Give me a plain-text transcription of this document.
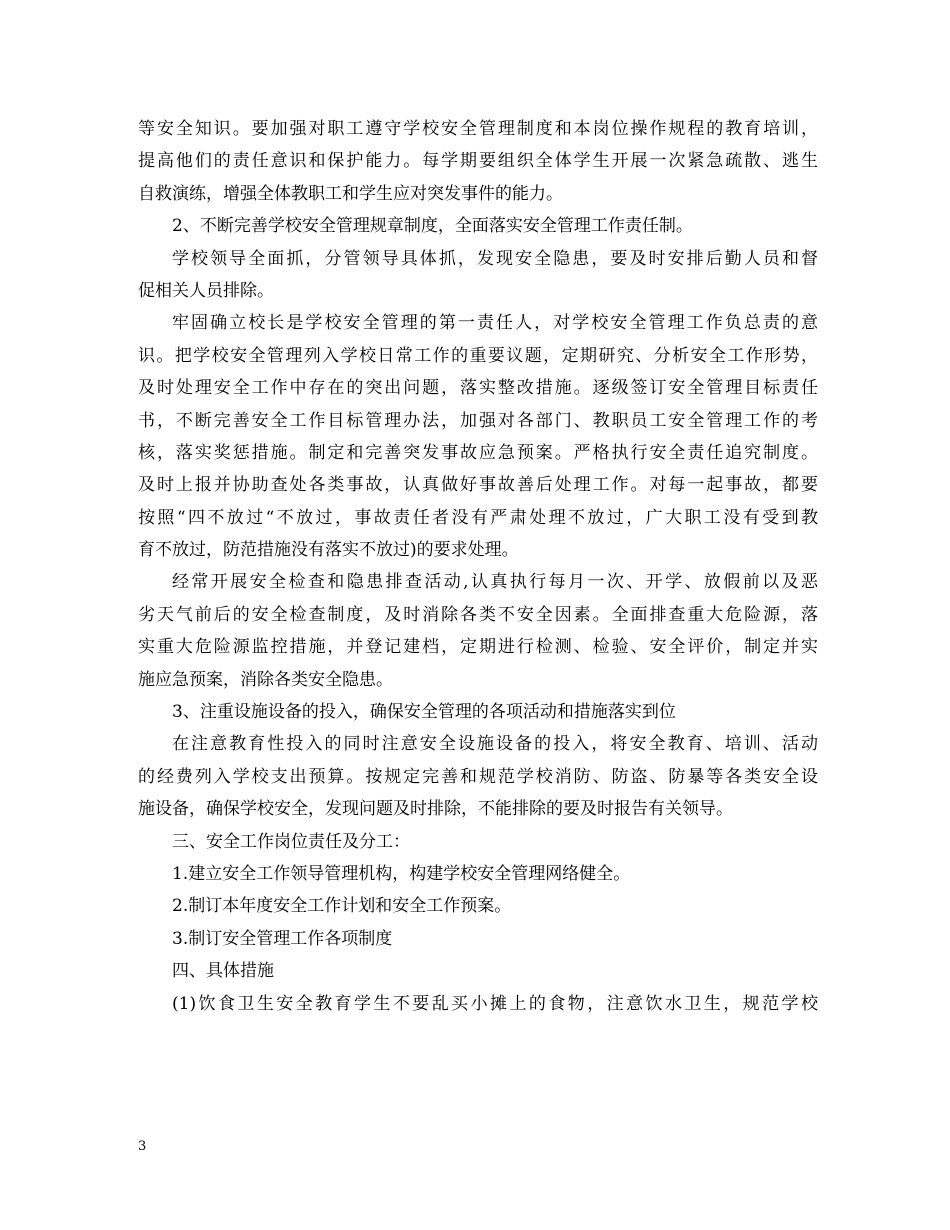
等安全知识。要加强对职工遵守学校安全管理制度和本岗位操作规程的教育培训，
提高他们的责任意识和保护能力。每学期要组织全体学生开展一次紧急疏散、逃生
自救演练，增强全体教职工和学生应对突发事件的能力。
2、不断完善学校安全管理规章制度，全面落实安全管理工作责任制。
学校领导全面抓，分管领导具体抓，发现安全隐患，要及时安排后勤人员和督
促相关人员排除。
牢固确立校长是学校安全管理的第一责任人，对学校安全管理工作负总责的意
识。把学校安全管理列入学校日常工作的重要议题，定期研究、分析安全工作形势，
及时处理安全工作中存在的突出问题，落实整改措施。逐级签订安全管理目标责任
书，不断完善安全工作目标管理办法，加强对各部门、教职员工安全管理工作的考
核，落实奖惩措施。制定和完善突发事故应急预案。严格执行安全责任追究制度。
及时上报并协助查处各类事故，认真做好事故善后处理工作。对每一起事故，都要
按照“四不放过“不放过，事故责任者没有严肃处理不放过，广大职工没有受到教
育不放过，防范措施没有落实不放过)的要求处理。
经常开展安全检查和隐患排查活动,认真执行每月一次、开学、放假前以及恶
劣天气前后的安全检查制度，及时消除各类不安全因素。全面排查重大危险源，落
实重大危险源监控措施，并登记建档，定期进行检测、检验、安全评价，制定并实
施应急预案，消除各类安全隐患。
3、注重设施设备的投入，确保安全管理的各项活动和措施落实到位
在注意教育性投入的同时注意安全设施设备的投入，将安全教育、培训、活动
的经费列入学校支出预算。按规定完善和规范学校消防、防盗、防暴等各类安全设
施设备，确保学校安全，发现问题及时排除，不能排除的要及时报告有关领导。
三、安全工作岗位责任及分工：
1.建立安全工作领导管理机构，构建学校安全管理网络健全。
2.制订本年度安全工作计划和安全工作预案。
3.制订安全管理工作各项制度
四、具体措施
(1)饮食卫生安全教育学生不要乱买小摊上的食物，注意饮水卫生，规范学校
3
